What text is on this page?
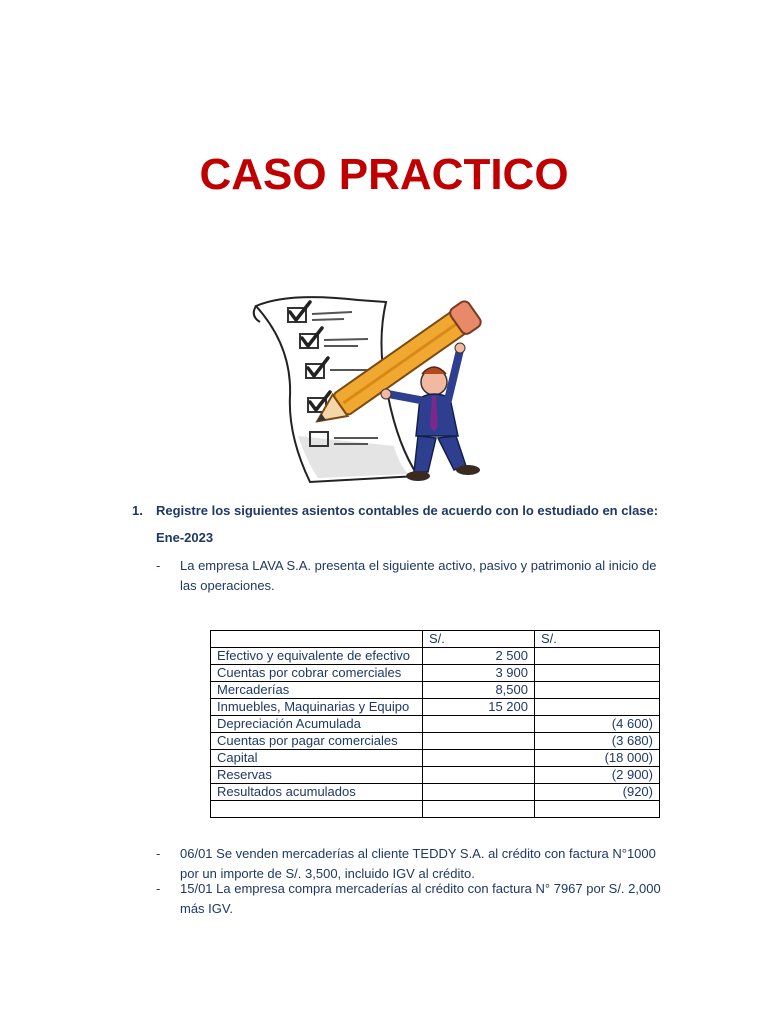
CASO PRACTICO
1. Registre los siguientes asientos contables de acuerdo con lo estudiado en clase:
Ene-2023
- La empresa LAVA S.A. presenta el siguiente activo, pasivo y patrimonio al inicio de las operaciones.
	S/.	S/.
Efectivo y equivalente de efectivo	2 500	
Cuentas por cobrar comerciales	3 900	
Mercaderías	8,500	
Inmuebles, Maquinarias y Equipo	15 200	
Depreciación Acumulada		(4 600)
Cuentas por pagar comerciales		(3 680)
Capital		(18 000)
Reservas		(2 900)
Resultados acumulados		(920)

- 06/01 Se venden mercaderías al cliente TEDDY S.A. al crédito con factura N°1000 por un importe de S/. 3,500, incluido IGV al crédito.
- 15/01 La empresa compra mercaderías al crédito con factura N° 7967 por S/. 2,000 más IGV.
